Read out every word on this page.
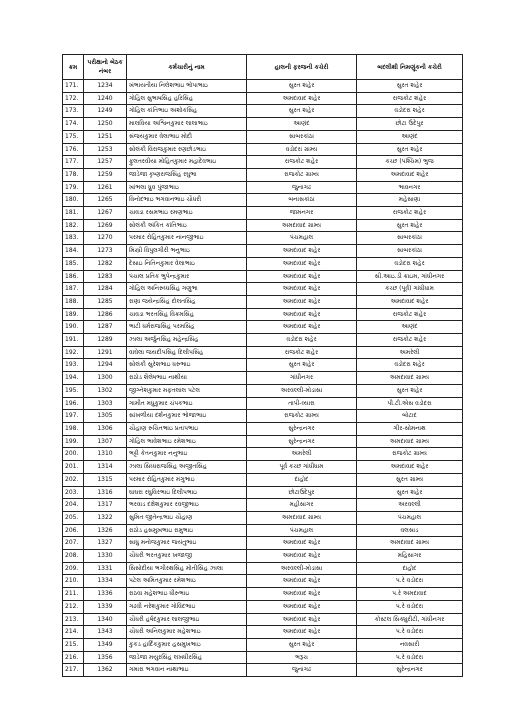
ક્રમ	પરીક્ષાનો બેઠક નંબર	કર્મચારીનું નામ	હાલની ફરજની કચેરી	બદલીથી નિમણૂંકની કચેરી
171.	1234	ખંભાયતીયા નિલેશભાઇ ભોપાભાઇ	સુરત શહેર	સુરત શહેર
172.	1240	ગોહિલ સુભાષસિંહ હરિસિંહ	અમદાવાદ શહેર	રાજકોટ શહેર
173.	1249	ગોહિલ કાંતિભાઇ અશોકસિંહ	સુરત શહેર	વડોદરા શહેર
174.	1250	માલવિયા અશ્વિનકુમાર લાલાભાઇ	આણંદ	છોટા ઉદેપુર
175.	1251	સંજયકુમાર વેલાભાઇ મોદી	સાબરકાંઠા	આણંદ
176.	1253	સોલંકી વિરાજકુમાર રણછોડભાઇ	વડોદરા ગ્રામ્ય	સુરત શહેર
177.	1257	ફુલતરવીયા મોહિતકુમાર મહાદેવભાઇ	રાજકોટ શહેર	કચ્છ (પશ્ચિમ) ભુજ
178.	1259	જાડેજા કૃષ્ણરાજસિંહ રઘુભા	રાજકોટ ગ્રામ્ય	અમદાવાદ શહેર
179.	1261	ખાંભલા ધ્રુવ પુંજાભાઇ	જુનાગઢ	ભાવનગર
180.	1265	વિનોદભાઇ ભગવાનભાઇ ચૌધરી	બનાસકાંઠા	મહેસાણા
181.	1267	ચાવડા રસમભાઇ રમણભાઇ	જામનગર	રાજકોટ શહેર
182.	1269	સોલંકી અંકિત કાંતિભાઇ	અમદાવાદ ગ્રામ્ય	સુરત શહેર
183.	1270	પરમાર રોહિતકુમાર નાનજીભાઇ	પંચમહાલ	સાબરકાંઠા
184.	1273	મિસ્ત્રી વિપુલગીરી ભનુભાઇ	અમદાવાદ શહેર	સાબરકાંઠા
185.	1282	દેસાઇ નિતિનકુમાર વેલાભાઇ	અમદાવાદ શહેર	વડોદરા શહેર
186.	1283	પંચાલ પ્રતિક ભુપેન્દ્રકુમાર	અમદાવાદ શહેર	સી.આઇ.ડી ક્રાઇમ, ગાંધીનગર
187.	1284	ગોહિલ અનિરુધ્ધસિંહ ગણુભા	અમદાવાદ શહેર	કચ્છ (પૂર્વ) ગાંધીધામ
188.	1285	રાણા જયેન્દ્રસિંહ દોલતસિંહ	અમદાવાદ શહેર	અમદાવાદ શહેર
189.	1286	ચાવડા ભરતસિંહ વિક્રમસિંહ	અમદાવાદ શહેર	રાજકોટ શહેર
190.	1287	ભાટી ધર્મરાજસિંહ પરમસિંહ	અમદાવાદ શહેર	આણંદ
191.	1289	ઝાલા અર્જુનસિંહ મહેન્દ્રસિંહ	વડોદરા શહેર	રાજકોટ શહેર
192.	1291	વાઘેલા જયદીપસિંહ દિલીપસિંહ	રાજકોટ શહેર	અમરેલી
193.	1294	સોલંકી સુરેશભાઇ ધરુભાઇ	સુરત શહેર	વડોદરા શહેર
194.	1300	રાઠોડ શૈલેષભાઇ નાથીયા	ગાંધીનગર	અમદાવાદ ગ્રામ્ય
195.	1302	જીગ્નેશકુમાર મફતલાલ પટેલ	અરવલ્લી-મોડાસા	સુરત શહેર
196.	1303	ગામીત મધુકુમાર ચંપકભાઇ	તાપી-વ્યારા	પી.ટી.એસ વડોદરા
197.	1305	સાંખળીયા દર્શનકુમાર ભોજાભાઇ	રાજકોટ ગ્રામ્ય	બોટાદ
198.	1306	ચૌહાણ રુચિતભાઇ પ્રતાપભાઇ	સુરેન્દ્રનગર	ગીર-સોમનાથ
199.	1307	ગોહિલ ભાવેશભાઇ રમેશભાઇ	સુરેન્દ્રનગર	અમદાવાદ ગ્રામ્ય
200.	1310	ભટ્ટી કેતનકુમાર નનુભાઇ	અમરેલી	રાજકોટ ગ્રામ્ય
201.	1314	ઝાલા સિધ્ધરાજસિંહ અજીતસિંહ	પૂર્વ કચ્છ ગાંધીધામ	અમદાવાદ શહેર
202.	1315	પરમાર રોહિતકુમાર મંગુભાઇ	દાહોદ	સુરત ગ્રામ્ય
203.	1316	ઘાઘરા રઘુવિરભાઇ દિલીપભાઇ	છોટાઉદેપુર	સુરત શહેર
204.	1317	ભરવાડ દક્ષેશકુમાર રવજીભાઇ	મહીસાગર	અરવલ્લી
205.	1322	સુમિત જીતેન્દ્રભાઇ ચૌહાણ	અમદાવાદ ગ્રામ્ય	પંચમહાલ
206.	1326	રાઠોડ હસમુખભાઇ રામુભાઇ	પંચમહાલ	વલસાડ
207.	1327	સાધુ મનોજકુમાર જયંતુભાઇ	અમદાવાદ શહેર	અમદાવાદ ગ્રામ્ય
208.	1330	ચૌધરી ભરતકુમાર ખજાજી	અમદાવાદ શહેર	મહિસાગર
209.	1331	સિસોદીયા ભગીરથસિંહ મોતીસિંહ ઝાલા	અરવલ્લી-મોડાસા	દાહોદ
210.	1334	પટેલ અમિતકુમાર રમેશભાઇ	અમદાવાદ શહેર	પ.રે વડોદરા
211.	1336	રાઠવા મહેશભાઇ ધીરુભાઇ	અમદાવાદ શહેર	પ.રે અમદાવાદ
212.	1339	ગઢવી નરેશકુમાર ગોવિંદભાઇ	અમદાવાદ શહેર	પ.રે વડોદરા
213.	1340	ચૌધરી હર્ષદકુમાર લાલજીભાઇ	અમદાવાદ શહેર	કોસ્ટલ સિક્યુરીટી, ગાંધીનગર
214.	1343	ચૌધરી અનિલકુમાર મહેશભાઇ	અમદાવાદ શહેર	પ.રે વડોદરા
215.	1349	કુકડ હાર્દિકકુમાર હસમુખભાઇ	સુરત શહેર	નવસારી
216.	1356	જાડેજા મયુરસિંહ લખધીરસિંહ	ભરૂચ	પ.રે વડોદરા
217.	1362	ગમારા ભગવાન નાથાભાઇ	જુનાગઢ	સુરેન્દ્રનગર
